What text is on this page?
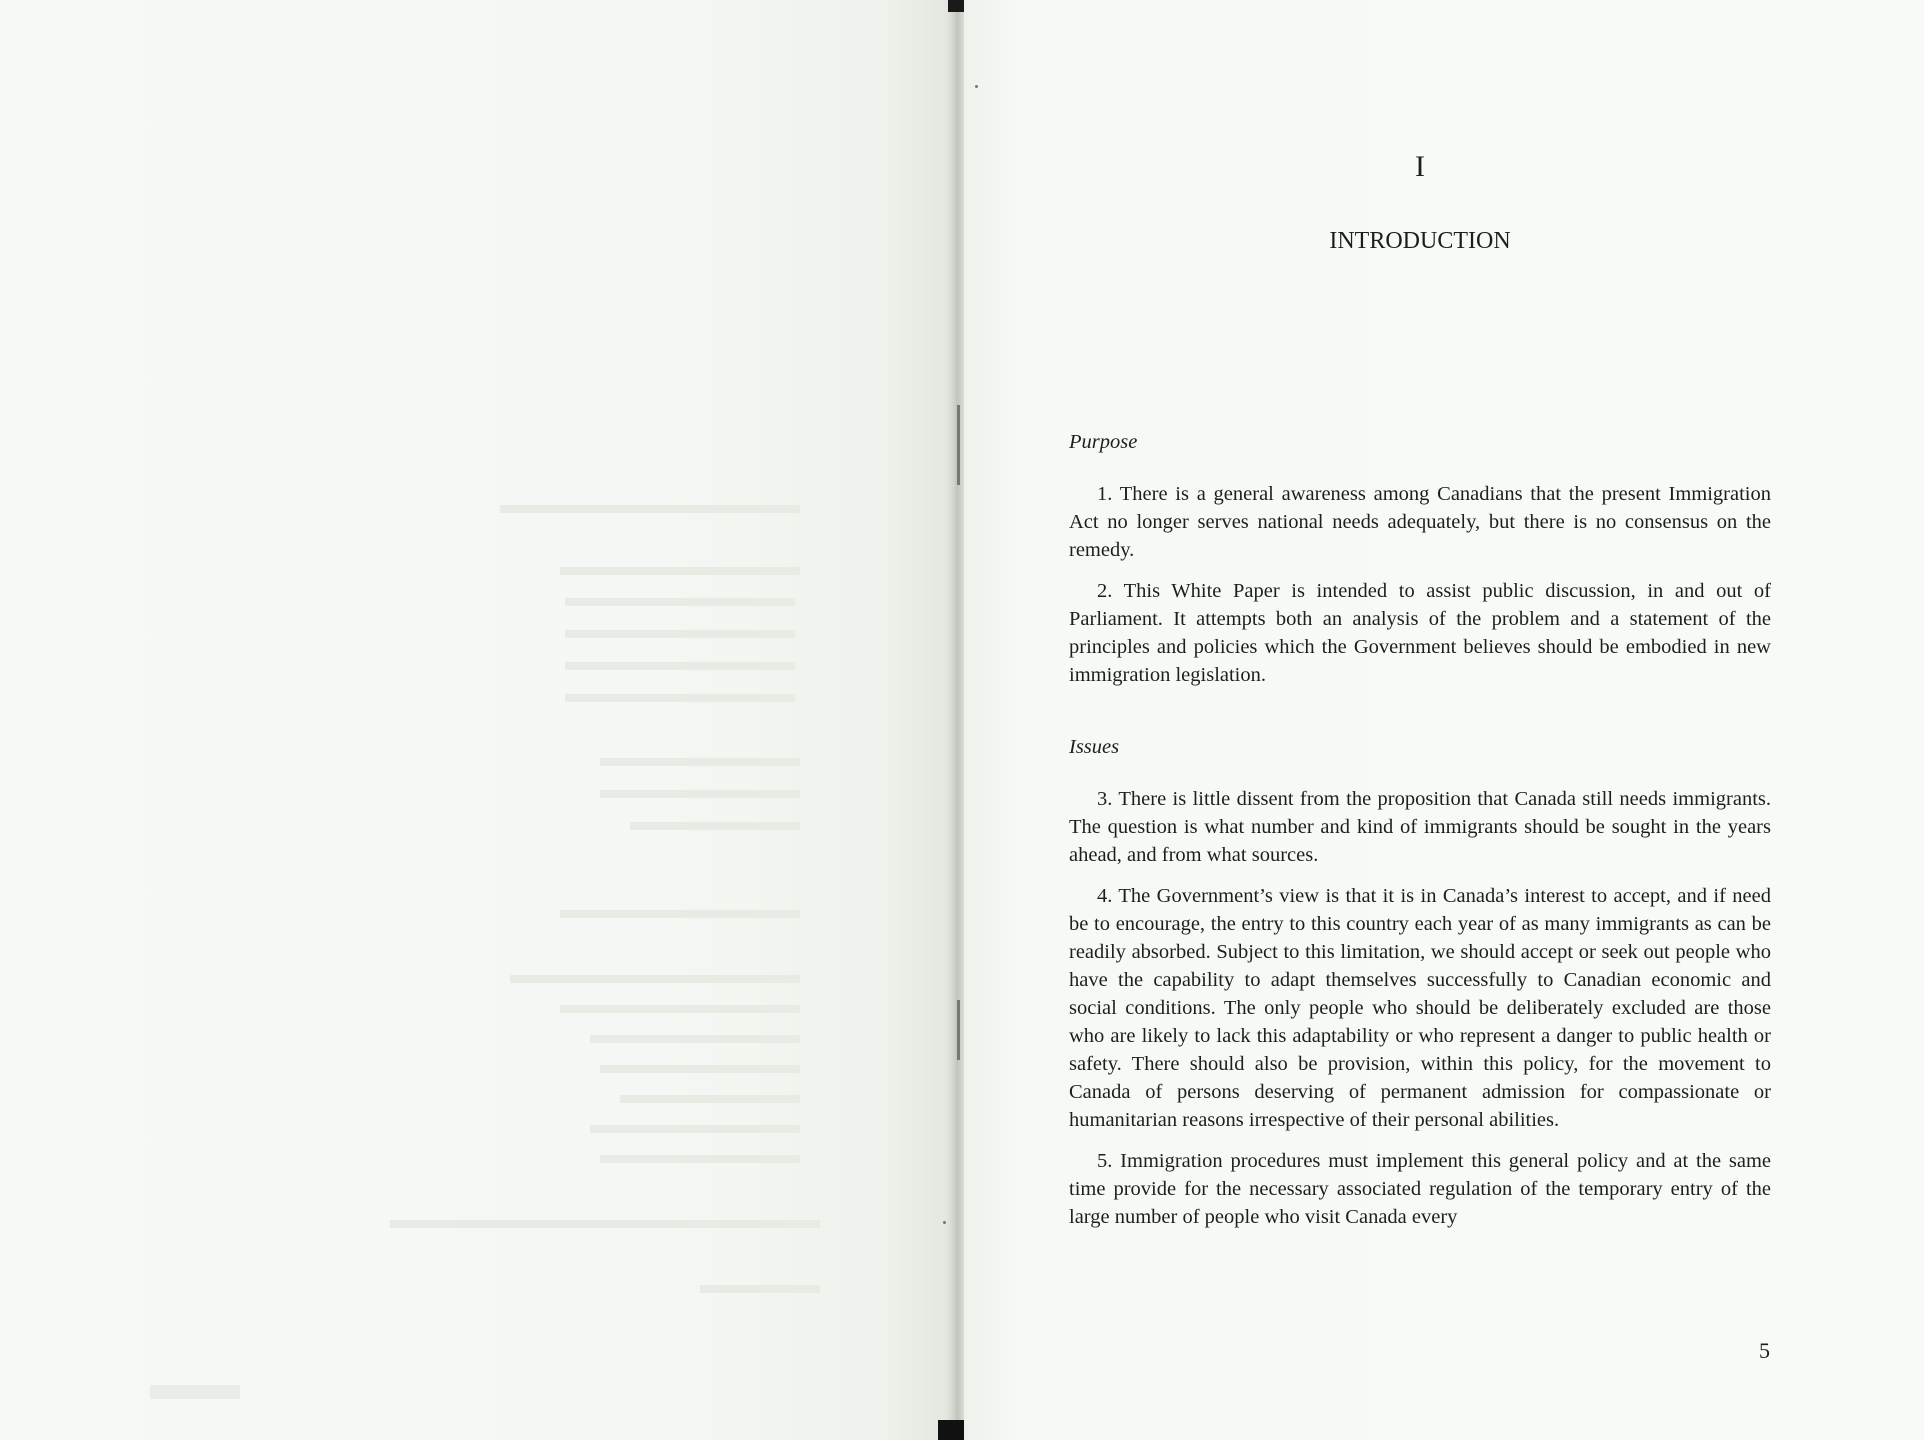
I
INTRODUCTION
Purpose

1. There is a general awareness among Canadians that the present Immigration Act no longer serves national needs adequately, but there is no consensus on the remedy.

2. This White Paper is intended to assist public discussion, in and out of Parliament. It attempts both an analysis of the problem and a statement of the principles and policies which the Government believes should be embodied in new immigration legislation.

Issues

3. There is little dissent from the proposition that Canada still needs immigrants. The question is what number and kind of immigrants should be sought in the years ahead, and from what sources.

4. The Government’s view is that it is in Canada’s interest to accept, and if need be to encourage, the entry to this country each year of as many immigrants as can be readily absorbed. Subject to this limitation, we should accept or seek out people who have the capability to adapt themselves successfully to Canadian economic and social conditions. The only people who should be deliberately excluded are those who are likely to lack this adaptability or who represent a danger to public health or safety. There should also be provision, within this policy, for the movement to Canada of persons deserving of permanent admission for compassionate or humanitarian reasons irrespective of their personal abilities.

5. Immigration procedures must implement this general policy and at the same time provide for the necessary associated regulation of the temporary entry of the large number of people who visit Canada every

5
